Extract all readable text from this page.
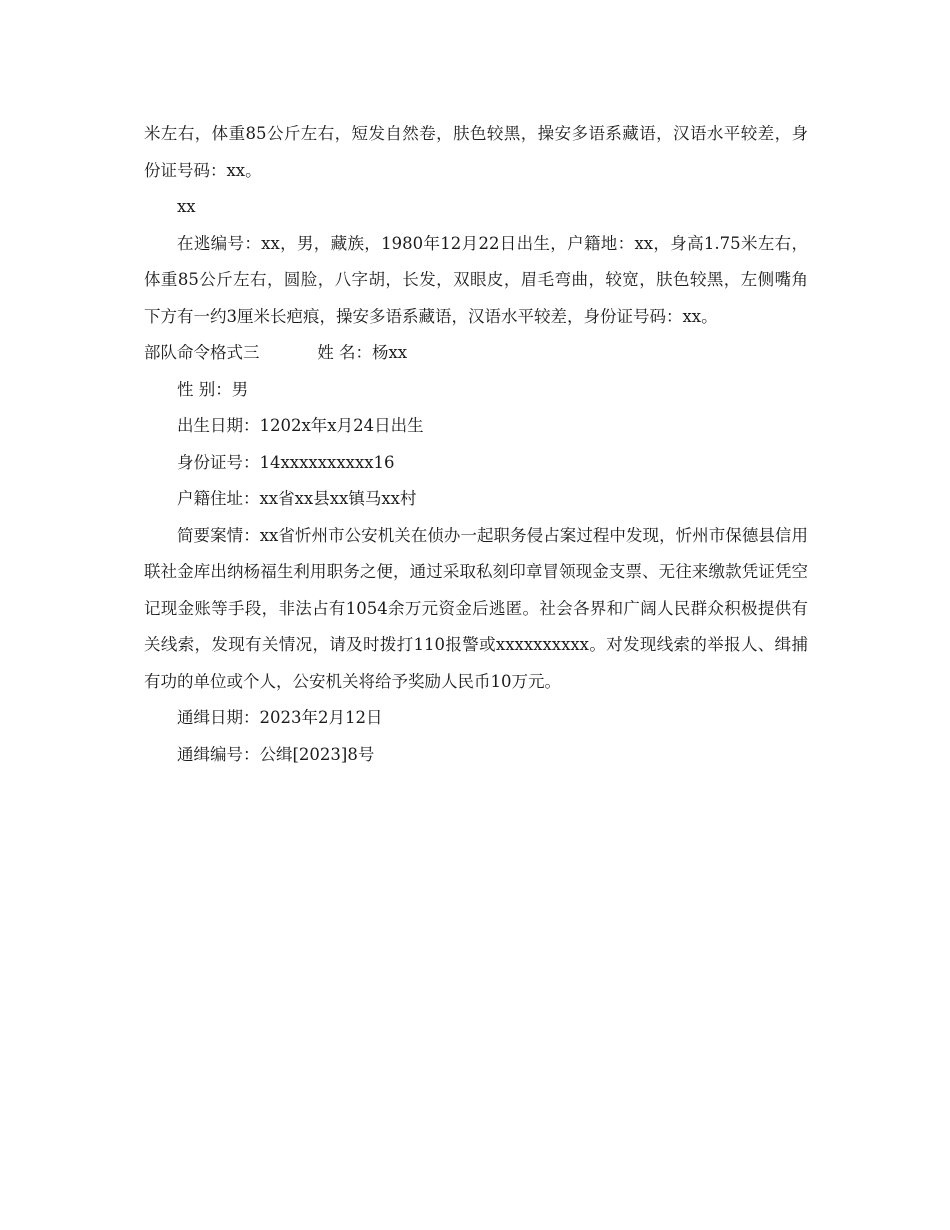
米左右，体重85公斤左右，短发自然卷，肤色较黑，操安多语系藏语，汉语水平较差，身份证号码：xx。

xx

在逃编号：xx，男，藏族，1980年12月22日出生，户籍地：xx，身高1.75米左右，体重85公斤左右，圆脸，八字胡，长发，双眼皮，眉毛弯曲，较宽，肤色较黑，左侧嘴角下方有一约3厘米长疤痕，操安多语系藏语，汉语水平较差，身份证号码：xx。

部队命令格式三	姓 名：杨xx

性 别：男

出生日期：1202x年x月24日出生

身份证号：14xxxxxxxxxx16

户籍住址：xx省xx县xx镇马xx村

简要案情：xx省忻州市公安机关在侦办一起职务侵占案过程中发现，忻州市保德县信用联社金库出纳杨福生利用职务之便，通过采取私刻印章冒领现金支票、无往来缴款凭证凭空记现金账等手段，非法占有1054余万元资金后逃匿。社会各界和广阔人民群众积极提供有关线索，发现有关情况，请及时拨打110报警或xxxxxxxxxx。对发现线索的举报人、缉捕有功的单位或个人，公安机关将给予奖励人民币10万元。

通缉日期：2023年2月12日

通缉编号：公缉[2023]8号
